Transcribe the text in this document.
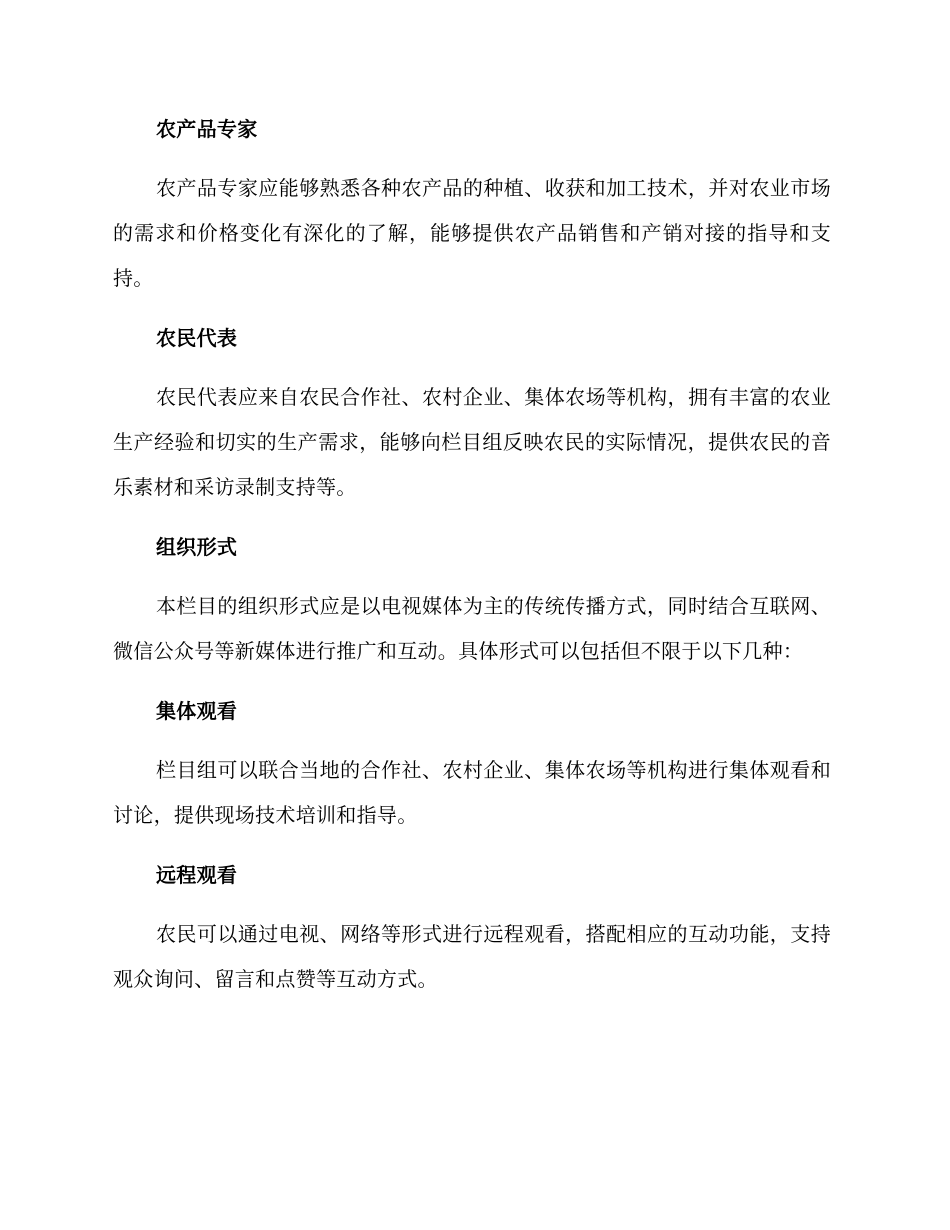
农产品专家

农产品专家应能够熟悉各种农产品的种植、收获和加工技术，并对农业市场的需求和价格变化有深化的了解，能够提供农产品销售和产销对接的指导和支持。

农民代表

农民代表应来自农民合作社、农村企业、集体农场等机构，拥有丰富的农业生产经验和切实的生产需求，能够向栏目组反映农民的实际情况，提供农民的音乐素材和采访录制支持等。

组织形式

本栏目的组织形式应是以电视媒体为主的传统传播方式，同时结合互联网、微信公众号等新媒体进行推广和互动。具体形式可以包括但不限于以下几种：

集体观看

栏目组可以联合当地的合作社、农村企业、集体农场等机构进行集体观看和讨论，提供现场技术培训和指导。

远程观看

农民可以通过电视、网络等形式进行远程观看，搭配相应的互动功能，支持观众询问、留言和点赞等互动方式。
